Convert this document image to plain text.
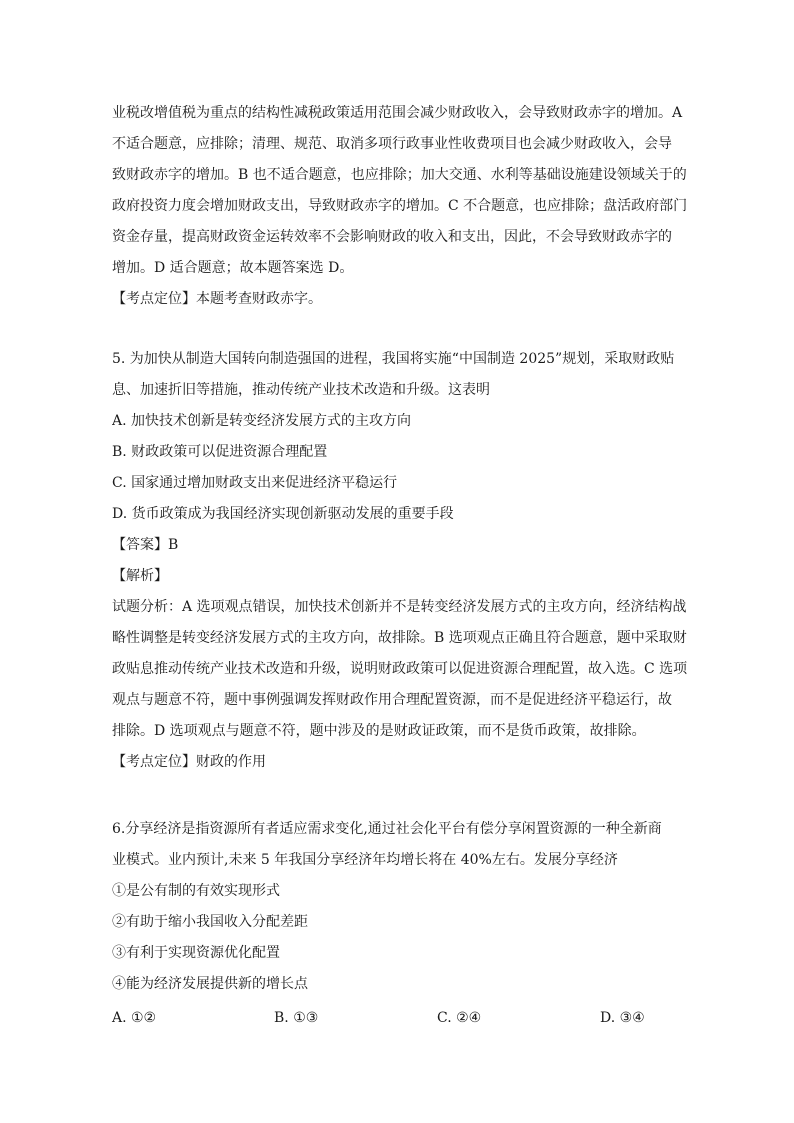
业税改增值税为重点的结构性减税政策适用范围会减少财政收入，会导致财政赤字的增加。A
不适合题意，应排除；清理、规范、取消多项行政事业性收费项目也会减少财政收入，会导
致财政赤字的增加。B 也不适合题意，也应排除；加大交通、水利等基础设施建设领域关于的
政府投资力度会增加财政支出，导致财政赤字的增加。C 不合题意，也应排除；盘活政府部门
资金存量，提高财政资金运转效率不会影响财政的收入和支出，因此，不会导致财政赤字的
增加。D 适合题意；故本题答案选 D。
【考点定位】本题考查财政赤字。
5. 为加快从制造大国转向制造强国的进程，我国将实施“中国制造 2025”规划，采取财政贴
息、加速折旧等措施，推动传统产业技术改造和升级。这表明
A. 加快技术创新是转变经济发展方式的主攻方向
B. 财政政策可以促进资源合理配置
C. 国家通过增加财政支出来促进经济平稳运行
D. 货币政策成为我国经济实现创新驱动发展的重要手段
【答案】B
【解析】
试题分析：A 选项观点错误，加快技术创新并不是转变经济发展方式的主攻方向，经济结构战
略性调整是转变经济发展方式的主攻方向，故排除。B 选项观点正确且符合题意，题中采取财
政贴息推动传统产业技术改造和升级，说明财政政策可以促进资源合理配置，故入选。C 选项
观点与题意不符，题中事例强调发挥财政作用合理配置资源，而不是促进经济平稳运行，故
排除。D 选项观点与题意不符，题中涉及的是财政证政策，而不是货币政策，故排除。
【考点定位】财政的作用
6.分享经济是指资源所有者适应需求变化,通过社会化平台有偿分享闲置资源的一种全新商
业模式。业内预计,未来 5 年我国分享经济年均增长将在 40%左右。发展分享经济
①是公有制的有效实现形式
②有助于缩小我国收入分配差距
③有利于实现资源优化配置
④能为经济发展提供新的增长点
A. ①②	B. ①③	C. ②④	D. ③④
